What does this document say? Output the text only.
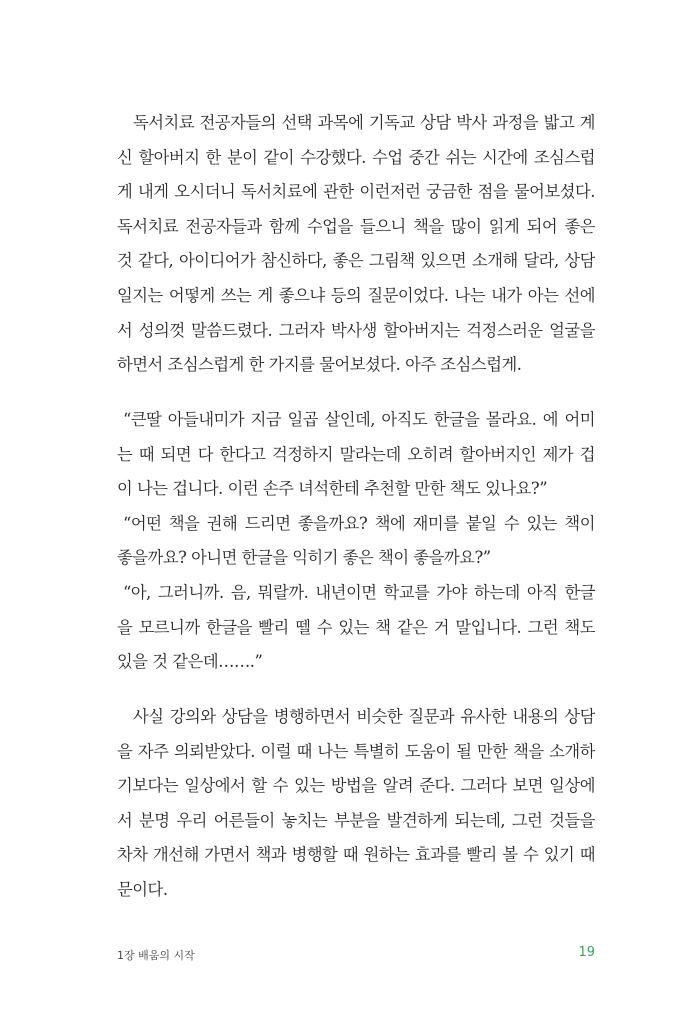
독서치료 전공자들의 선택 과목에 기독교 상담 박사 과정을 밟고 계
신 할아버지 한 분이 같이 수강했다. 수업 중간 쉬는 시간에 조심스럽
게 내게 오시더니 독서치료에 관한 이런저런 궁금한 점을 물어보셨다.
독서치료 전공자들과 함께 수업을 들으니 책을 많이 읽게 되어 좋은
것 같다, 아이디어가 참신하다, 좋은 그림책 있으면 소개해 달라, 상담
일지는 어떻게 쓰는 게 좋으냐 등의 질문이었다. 나는 내가 아는 선에
서 성의껏 말씀드렸다. 그러자 박사생 할아버지는 걱정스러운 얼굴을
하면서 조심스럽게 한 가지를 물어보셨다. 아주 조심스럽게.
“큰딸 아들내미가 지금 일곱 살인데, 아직도 한글을 몰라요. 에 어미
는 때 되면 다 한다고 걱정하지 말라는데 오히려 할아버지인 제가 겁
이 나는 겁니다. 이런 손주 녀석한테 추천할 만한 책도 있나요?”
“어떤 책을 권해 드리면 좋을까요? 책에 재미를 붙일 수 있는 책이
좋을까요? 아니면 한글을 익히기 좋은 책이 좋을까요?”
“아, 그러니까. 음, 뭐랄까. 내년이면 학교를 가야 하는데 아직 한글
을 모르니까 한글을 빨리 뗄 수 있는 책 같은 거 말입니다. 그런 책도
있을 것 같은데…….”
사실 강의와 상담을 병행하면서 비슷한 질문과 유사한 내용의 상담
을 자주 의뢰받았다. 이럴 때 나는 특별히 도움이 될 만한 책을 소개하
기보다는 일상에서 할 수 있는 방법을 알려 준다. 그러다 보면 일상에
서 분명 우리 어른들이 놓치는 부분을 발견하게 되는데, 그런 것들을
차차 개선해 가면서 책과 병행할 때 원하는 효과를 빨리 볼 수 있기 때
문이다.
1장 배움의 시작	19
